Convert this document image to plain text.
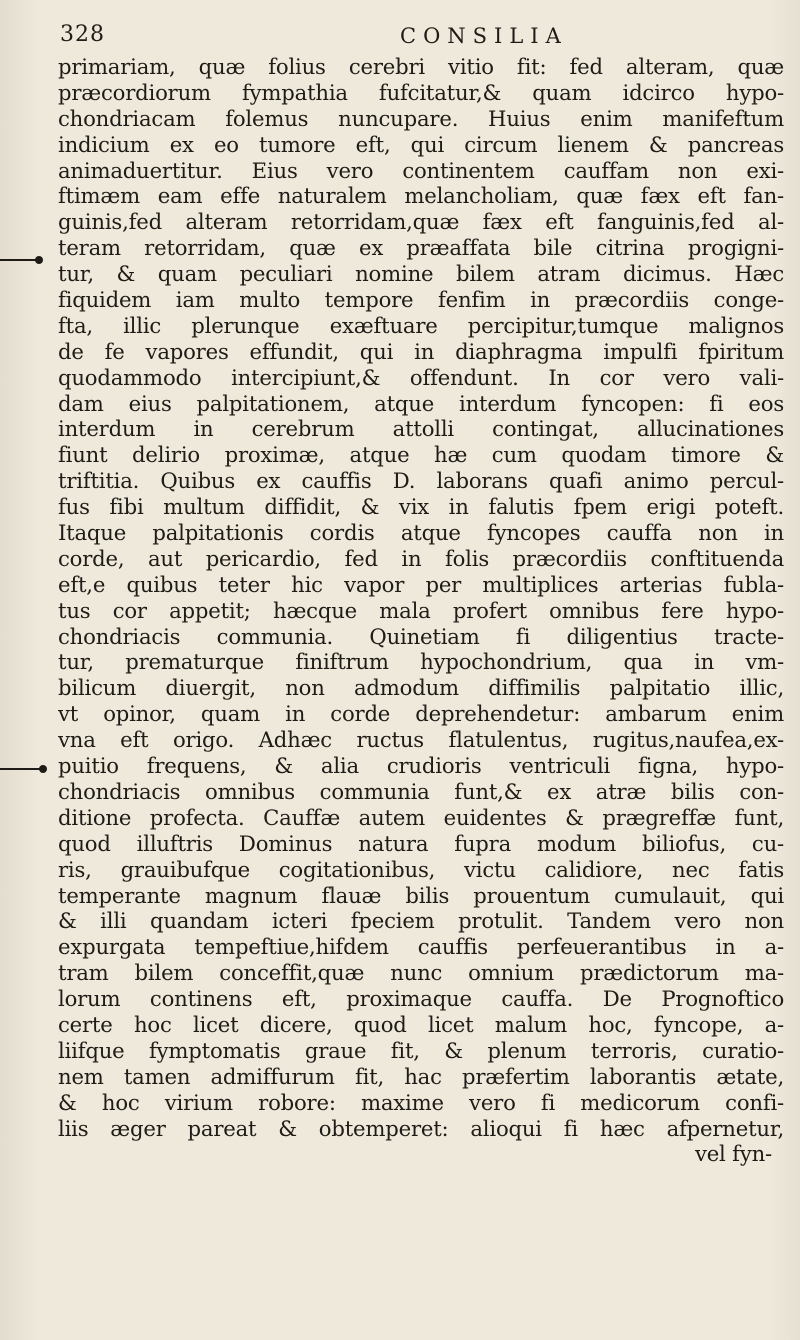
328	CONSILIA
primariam, quæ folius cerebri vitio fit: fed alteram, quæ
præcordiorum fympathia fufcitatur,& quam idcirco hypo-
chondriacam folemus nuncupare. Huius enim manifeftum
indicium ex eo tumore eft, qui circum lienem & pancreas
animaduertitur. Eius vero continentem cauffam non exi-
ftimæm eam effe naturalem melancholiam, quæ fæx eft fan-
guinis,fed alteram retorridam,quæ fæx eft fanguinis,fed al-
teram retorridam, quæ ex præaffata bile citrina progigni-
tur, & quam peculiari nomine bilem atram dicimus. Hæc
fiquidem iam multo tempore fenfim in præcordiis conge-
fta, illic plerunque exæftuare percipitur,tumque malignos
de fe vapores effundit, qui in diaphragma impulfi fpiritum
quodammodo intercipiunt,& offendunt. In cor vero vali-
dam eius palpitationem, atque interdum fyncopen: fi eos
interdum in cerebrum attolli contingat, allucinationes
fiunt delirio proximæ, atque hæ cum quodam timore &
triftitia. Quibus ex cauffis D. laborans quafi animo percul-
fus fibi multum diffidit, & vix in falutis fpem erigi poteft.
Itaque palpitationis cordis atque fyncopes cauffa non in
corde, aut pericardio, fed in folis præcordiis conftituenda
eft,e quibus teter hic vapor per multiplices arterias fubla-
tus cor appetit; hæcque mala profert omnibus fere hypo-
chondriacis communia. Quinetiam fi diligentius tracte-
tur, prematurque finiftrum hypochondrium, qua in vm-
bilicum diuergit, non admodum diffimilis palpitatio illic,
vt opinor, quam in corde deprehendetur: ambarum enim
vna eft origo. Adhæc ructus flatulentus, rugitus,naufea,ex-
puitio frequens, & alia crudioris ventriculi figna, hypo-
chondriacis omnibus communia funt,& ex atræ bilis con-
ditione profecta. Cauffæ autem euidentes & prægreffæ funt,
quod illuftris Dominus natura fupra modum biliofus, cu-
ris, grauibufque cogitationibus, victu calidiore, nec fatis
temperante magnum flauæ bilis prouentum cumulauit, qui
& illi quandam icteri fpeciem protulit. Tandem vero non
expurgata tempeftiue,hifdem cauffis perfeuerantibus in a-
tram bilem conceffit,quæ nunc omnium prædictorum ma-
lorum continens eft, proximaque cauffa. De Prognoftico
certe hoc licet dicere, quod licet malum hoc, fyncope, a-
liifque fymptomatis graue fit, & plenum terroris, curatio-
nem tamen admiffurum fit, hac præfertim laborantis ætate,
& hoc virium robore: maxime vero fi medicorum confi-
liis æger pareat & obtemperet: alioqui fi hæc afpernetur,
vel fyn-
